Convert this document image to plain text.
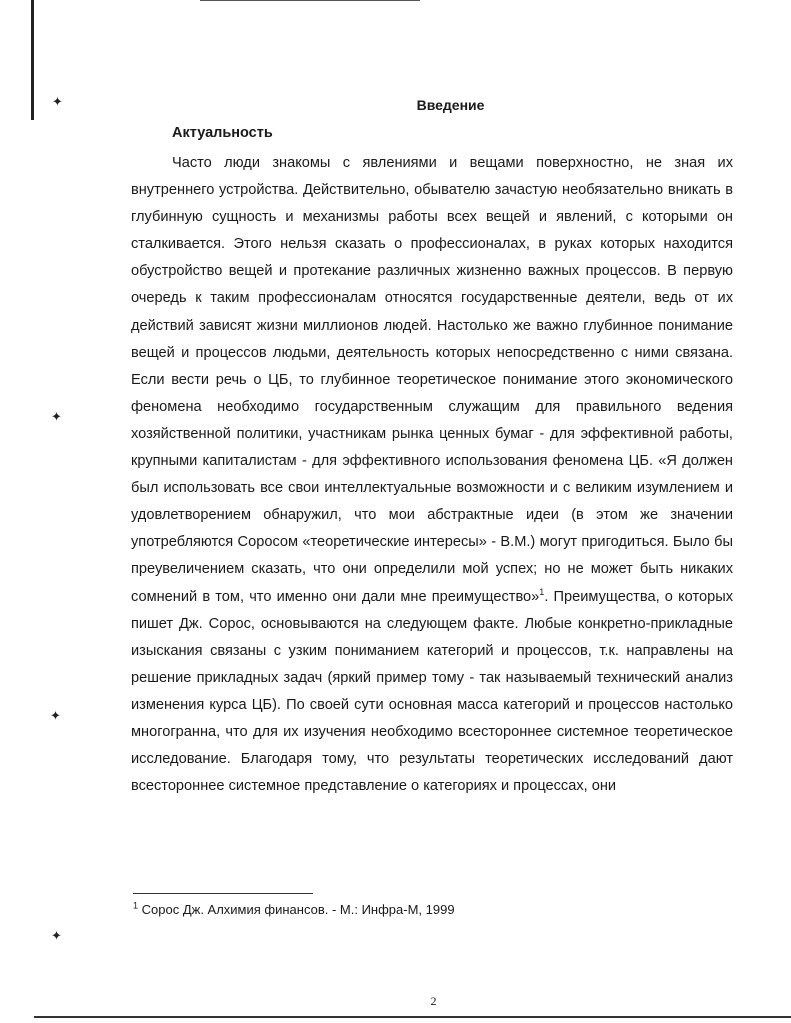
✦
✦
✦
✦
Введение
Актуальность

Часто люди знакомы с явлениями и вещами поверхностно, не зная их внутреннего устройства. Действительно, обывателю зачастую необязательно вникать в глубинную сущность и механизмы работы всех вещей и явлений, с которыми он сталкивается. Этого нельзя сказать о профессионалах, в руках которых находится обустройство вещей и протекание различных жизненно важных процессов. В первую очередь к таким профессионалам относятся государственные деятели, ведь от их действий зависят жизни миллионов людей. Настолько же важно глубинное понимание вещей и процессов людьми, деятельность которых непосредственно с ними связана. Если вести речь о ЦБ, то глубинное теоретическое понимание этого экономического феномена необходимо государственным служащим для правильного ведения хозяйственной политики, участникам рынка ценных бумаг - для эффективной работы, крупными капиталистам - для эффективного использования феномена ЦБ. «Я должен был использовать все свои интеллектуальные возможности и с великим изумлением и удовлетворением обнаружил, что мои абстрактные идеи (в этом же значении употребляются Соросом «теоретические интересы» - В.М.) могут пригодиться. Было бы преувеличением сказать, что они определили мой успех; но не может быть никаких сомнений в том, что именно они дали мне преимущество»$^1$. Преимущества, о которых пишет Дж. Сорос, основываются на следующем факте. Любые конкретно-прикладные изыскания связаны с узким пониманием категорий и процессов, т.к. направлены на решение прикладных задач (яркий пример тому - так называемый технический анализ изменения курса ЦБ). По своей сути основная масса категорий и процессов настолько многогранна, что для их изучения необходимо всестороннее системное теоретическое исследование. Благодаря тому, что результаты теоретических исследований дают всестороннее системное представление о категориях и процессах, они

$^1$ Сорос Дж. Алхимия финансов. - М.: Инфра-М, 1999

2
